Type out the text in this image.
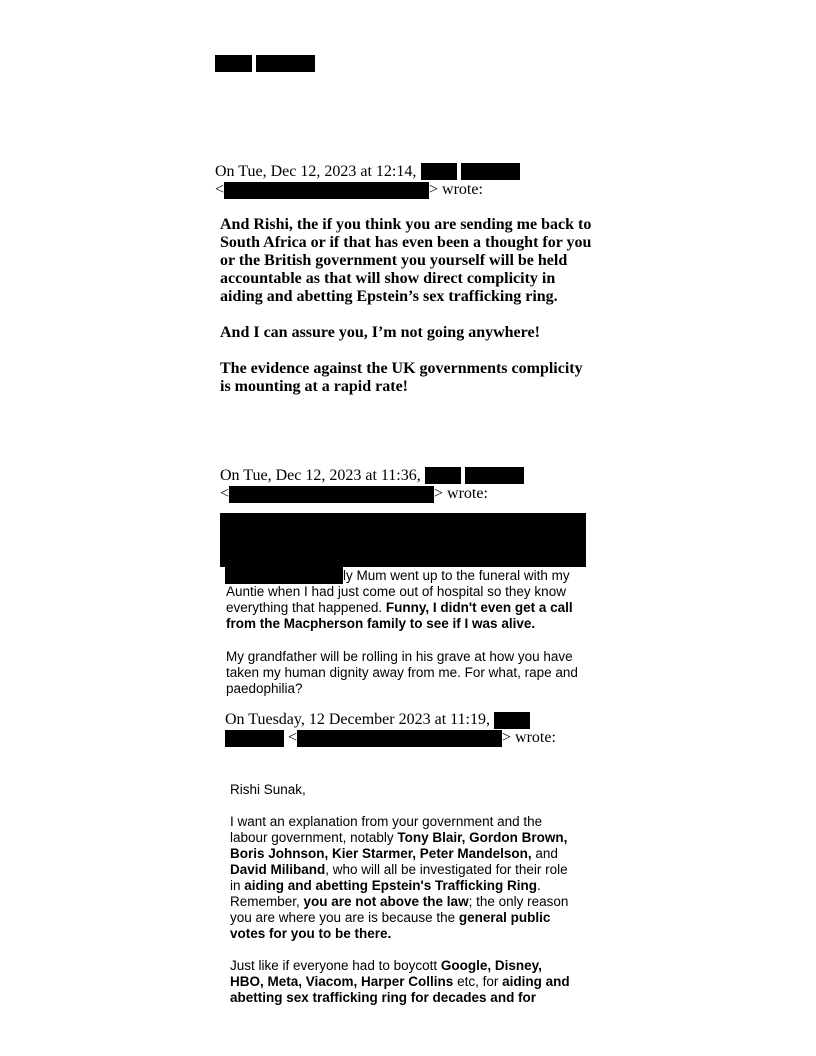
On Tue, Dec 12, 2023 at 12:14,
<	> wrote:
And Rishi, the if you think you are sending me back to
South Africa or if that has even been a thought for you
or the British government you yourself will be held
accountable as that will show direct complicity in
aiding and abetting Epstein’s sex trafficking ring.
And I can assure you, I’m not going anywhere!
The evidence against the UK governments complicity
is mounting at a rapid rate!
On Tue, Dec 12, 2023 at 11:36,
<	> wrote:
ly Mum went up to the funeral with my
Auntie when I had just come out of hospital so they know
everything that happened. Funny, I didn't even get a call
from the Macpherson family to see if I was alive.
My grandfather will be rolling in his grave at how you have
taken my human dignity away from me. For what, rape and
paedophilia?
On Tuesday, 12 December 2023 at 11:19,
<	> wrote:
Rishi Sunak,
I want an explanation from your government and the
labour government, notably Tony Blair, Gordon Brown,
Boris Johnson, Kier Starmer, Peter Mandelson, and
David Miliband, who will all be investigated for their role
in aiding and abetting Epstein's Trafficking Ring.
Remember, you are not above the law; the only reason
you are where you are is because the general public
votes for you to be there.
Just like if everyone had to boycott Google, Disney,
HBO, Meta, Viacom, Harper Collins etc, for aiding and
abetting sex trafficking ring for decades and for
